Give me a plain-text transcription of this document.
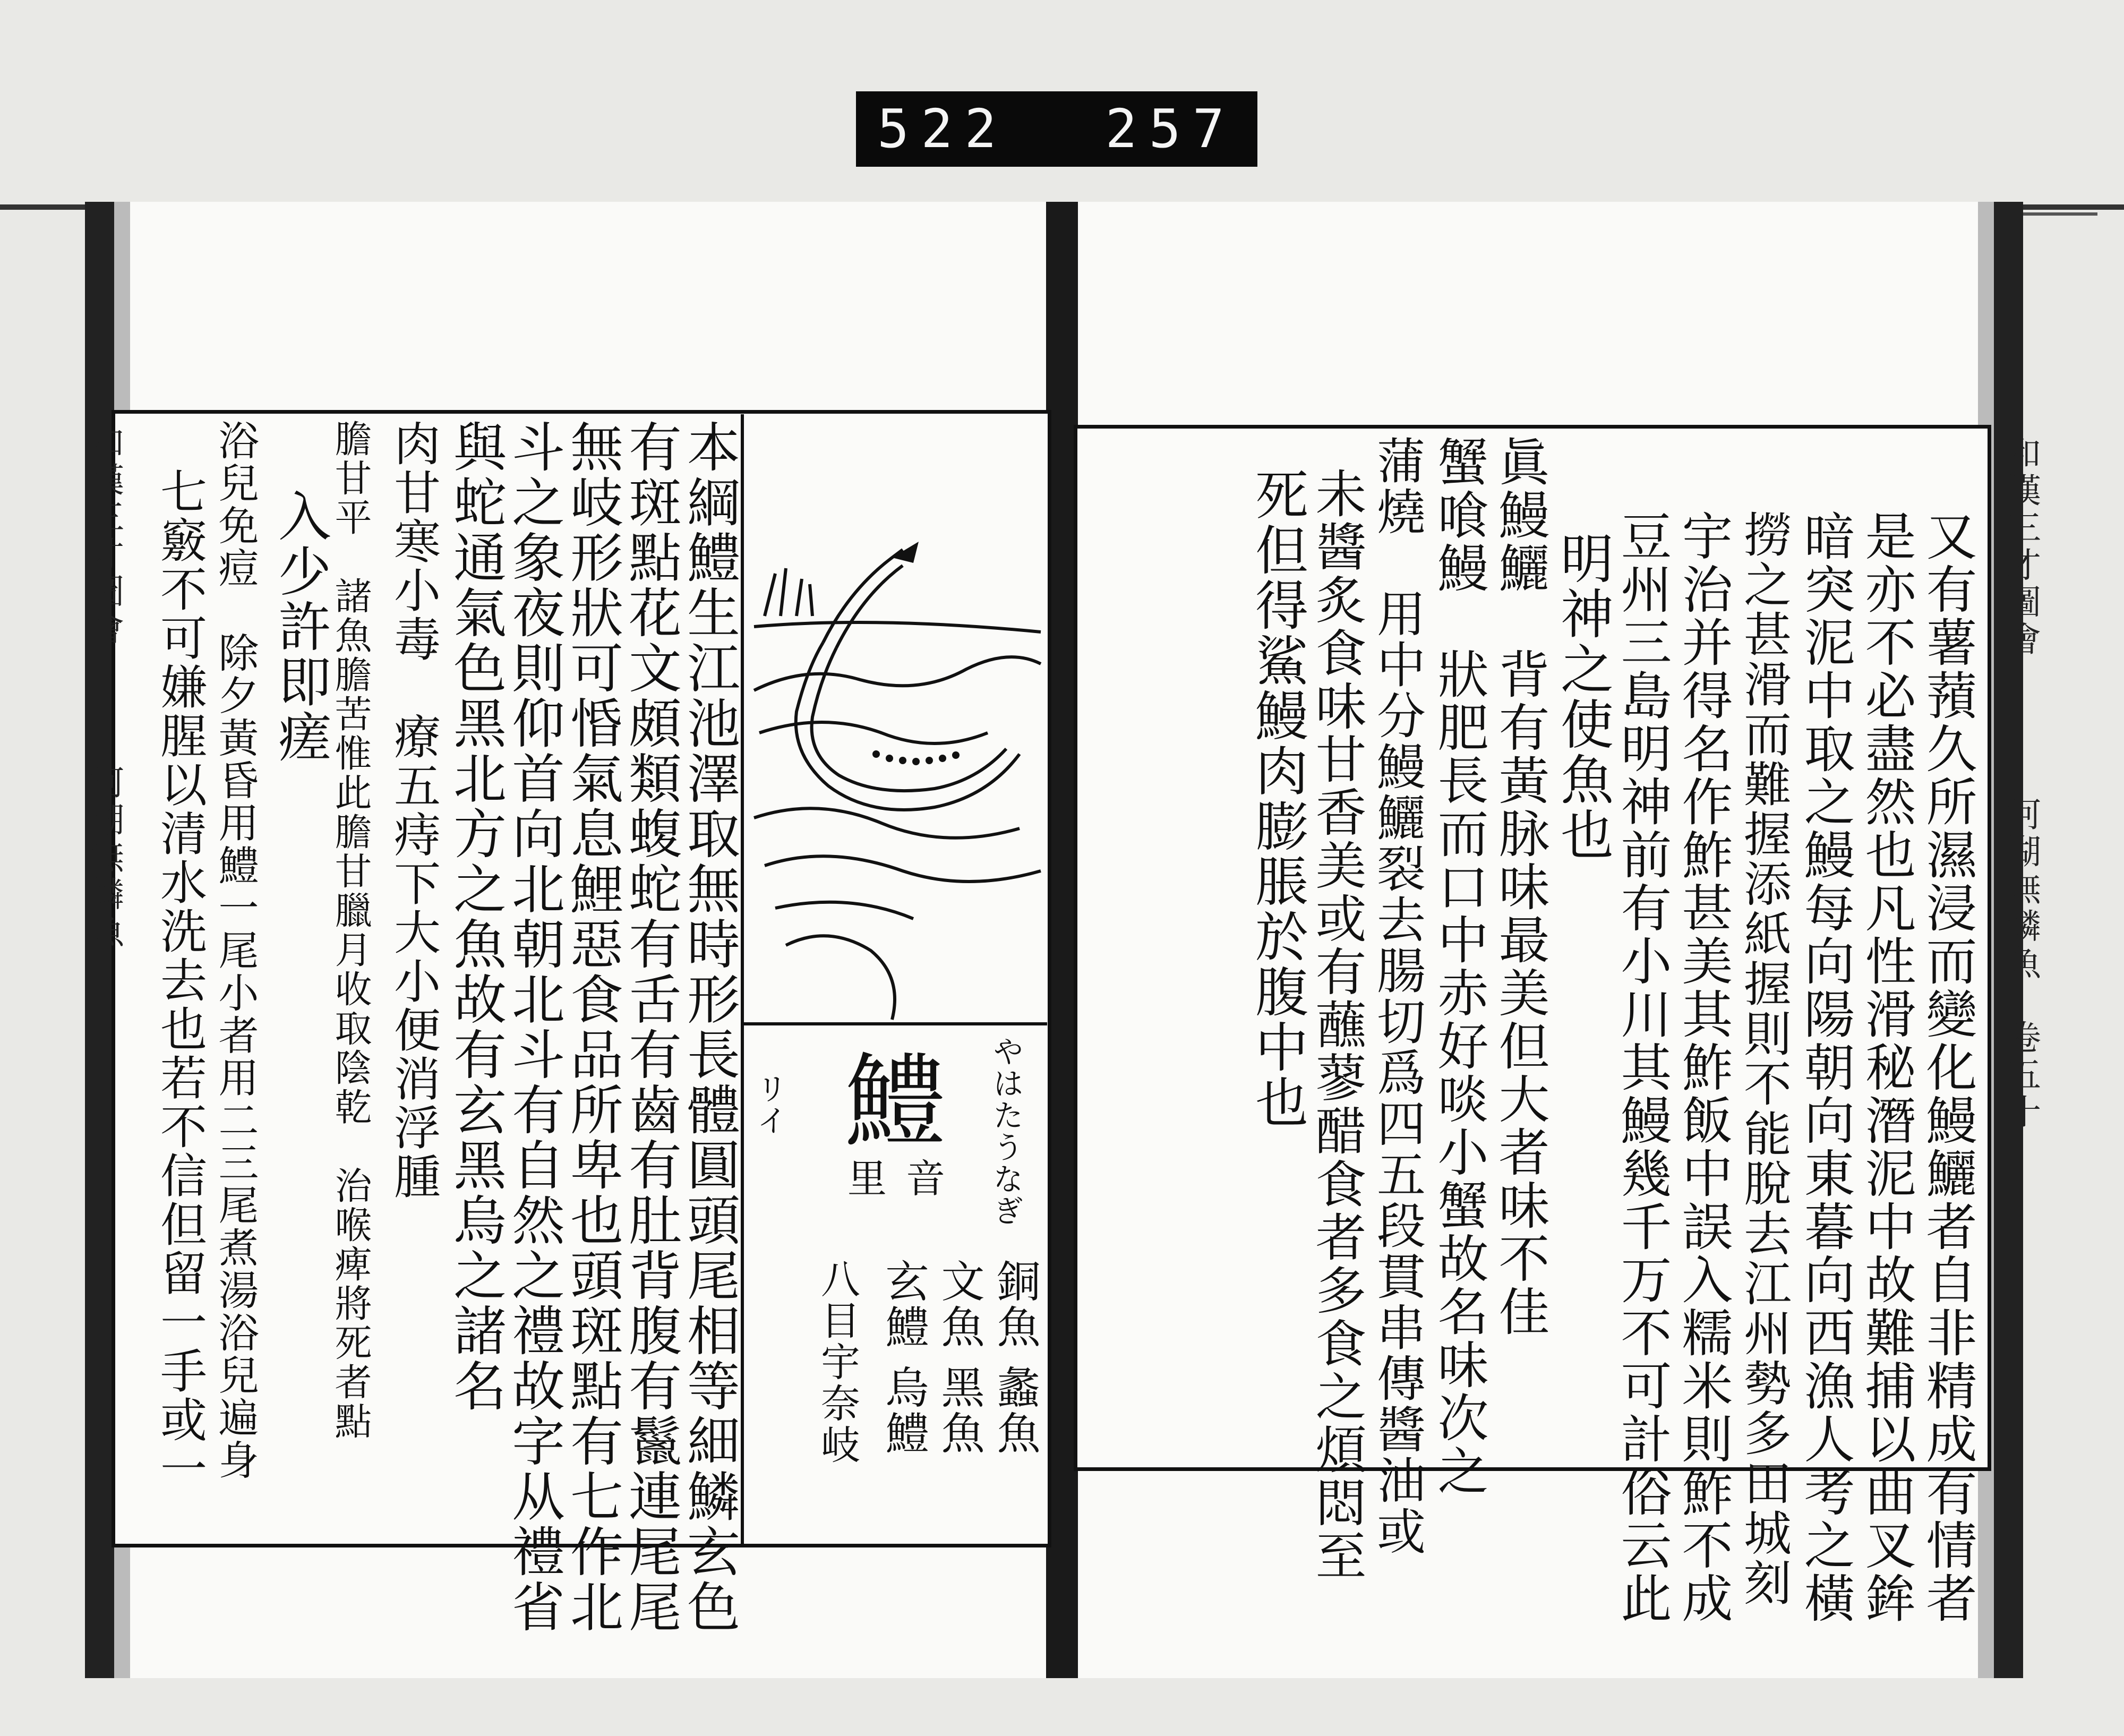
522 257
和漢三才圖會
河湖無鱗魚
鱧 やはたうなぎ
リイ
音
里
銅魚
蠡魚
文魚
黑魚
玄鱧
烏鱧
八目宇奈岐
本綱鱧生江池澤取無時形長體圓頭尾相等細鱗玄色
有斑點花文頗類蝮蛇有舌有齒有肚背腹有鬣連尾尾
無岐形狀可惛氣息鯉惡食品所卑也頭斑點有七作北
斗之象夜則仰首向北朝北斗有自然之禮故字从禮省
與蛇通氣色黑北方之魚故有玄黑烏之諸名
肉甘寒小毒　療五痔下大小便消浮腫
膽甘平　諸魚膽苦惟此膽甘臘月收取陰乾　治喉痺將死者點
入少許即瘥
浴兒免痘　除夕黃昏用鱧一尾小者用二三尾煮湯浴兒遍身
七竅不可嫌腥以清水洗去也若不信但留一手或一	和漢三才圖會
河湖無鱗魚　卷五十
又有薯蕷久所濕浸而變化鰻鱺者自非精成有情者
是亦不必盡然也凡性滑秘潛泥中故難捕以曲叉鉾
暗突泥中取之鰻每向陽朝向東暮向西漁人考之橫
撈之甚滑而難握添紙握則不能脫去江州勢多田城刻
宇治并得名作鮓甚美其鮓飯中誤入糯米則鮓不成
豆州三島明神前有小川其鰻幾千万不可計俗云此
明神之使魚也
眞鰻鱺　背有黃脉味最美但大者味不佳
蟹喰鰻　狀肥長而口中赤好啖小蟹故名味次之
蒲燒　用中分鰻鱺裂去腸切爲四五段貫串傳醬油或
未醬炙食味甘香美或有蘸蓼醋食者多食之煩悶至
死但得鯊鰻肉膨脹於腹中也
